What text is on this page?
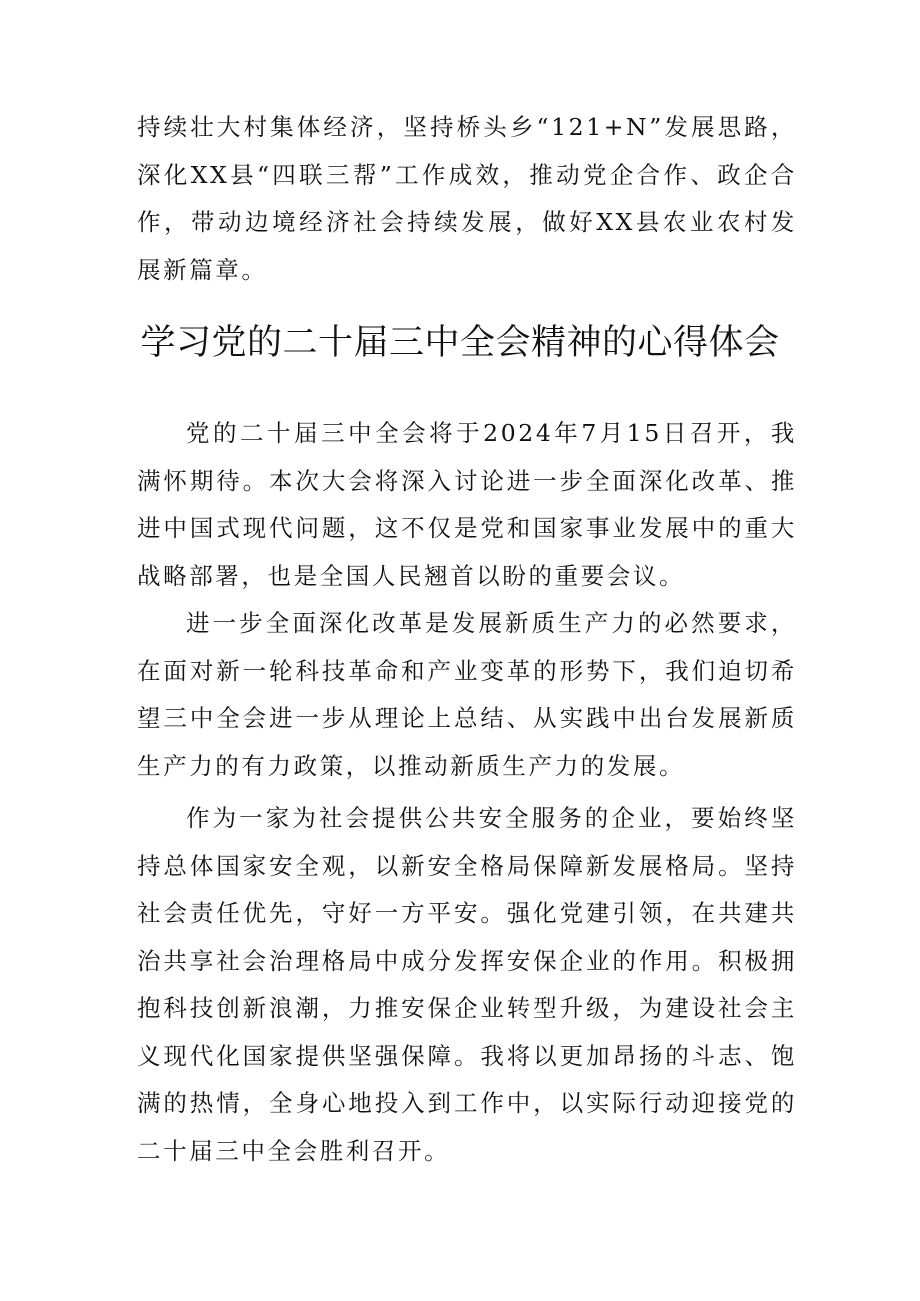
持续壮大村集体经济，坚持桥头乡“121+N”发展思路，深化XX县“四联三帮”工作成效，推动党企合作、政企合作，带动边境经济社会持续发展，做好XX县农业农村发展新篇章。

学习党的二十届三中全会精神的心得体会

党的二十届三中全会将于2024年7月15日召开，我满怀期待。本次大会将深入讨论进一步全面深化改革、推进中国式现代问题，这不仅是党和国家事业发展中的重大战略部署，也是全国人民翘首以盼的重要会议。

进一步全面深化改革是发展新质生产力的必然要求，在面对新一轮科技革命和产业变革的形势下，我们迫切希望三中全会进一步从理论上总结、从实践中出台发展新质生产力的有力政策，以推动新质生产力的发展。

作为一家为社会提供公共安全服务的企业，要始终坚持总体国家安全观，以新安全格局保障新发展格局。坚持社会责任优先，守好一方平安。强化党建引领，在共建共治共享社会治理格局中成分发挥安保企业的作用。积极拥抱科技创新浪潮，力推安保企业转型升级，为建设社会主义现代化国家提供坚强保障。我将以更加昂扬的斗志、饱满的热情，全身心地投入到工作中，以实际行动迎接党的二十届三中全会胜利召开。
